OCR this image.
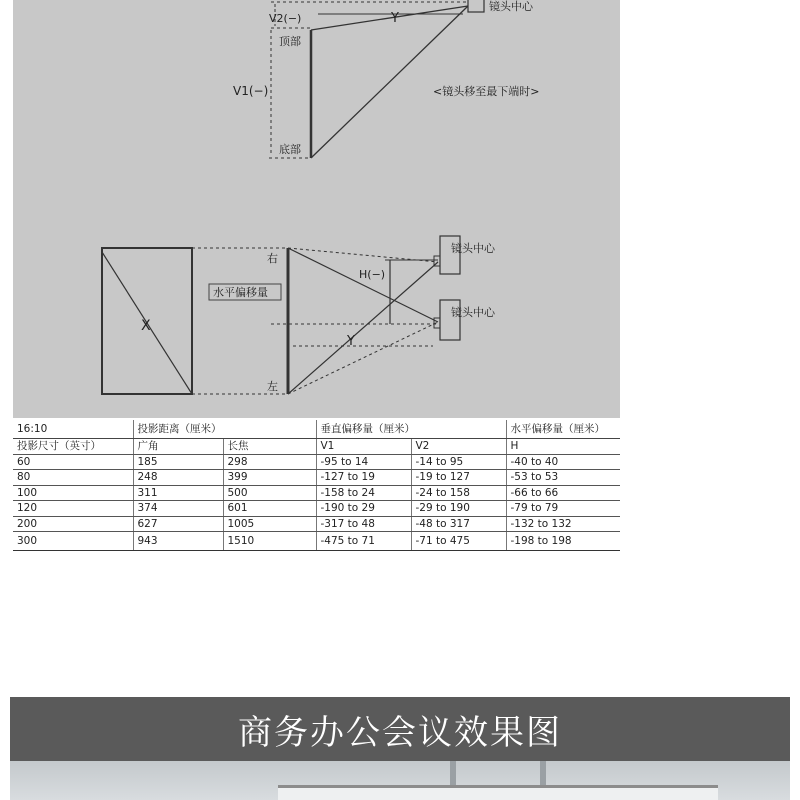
镜头中心
V2(−)	Y
顶部
V1(−)
底部
<镜头移至最下端时>
X
右
H(−)
水平偏移量
Y
左
镜头中心
镜头中心
16:10	投影距离（厘米）		垂直偏移量（厘米）		水平偏移量（厘米）
投影尺寸（英寸）	广角	长焦	V1	V2	H
60	185	298	-95 to 14	-14 to 95	-40 to 40
80	248	399	-127 to 19	-19 to 127	-53 to 53
100	311	500	-158 to 24	-24 to 158	-66 to 66
120	374	601	-190 to 29	-29 to 190	-79 to 79
200	627	1005	-317 to 48	-48 to 317	-132 to 132
300	943	1510	-475 to 71	-71 to 475	-198 to 198
商务办公会议效果图
